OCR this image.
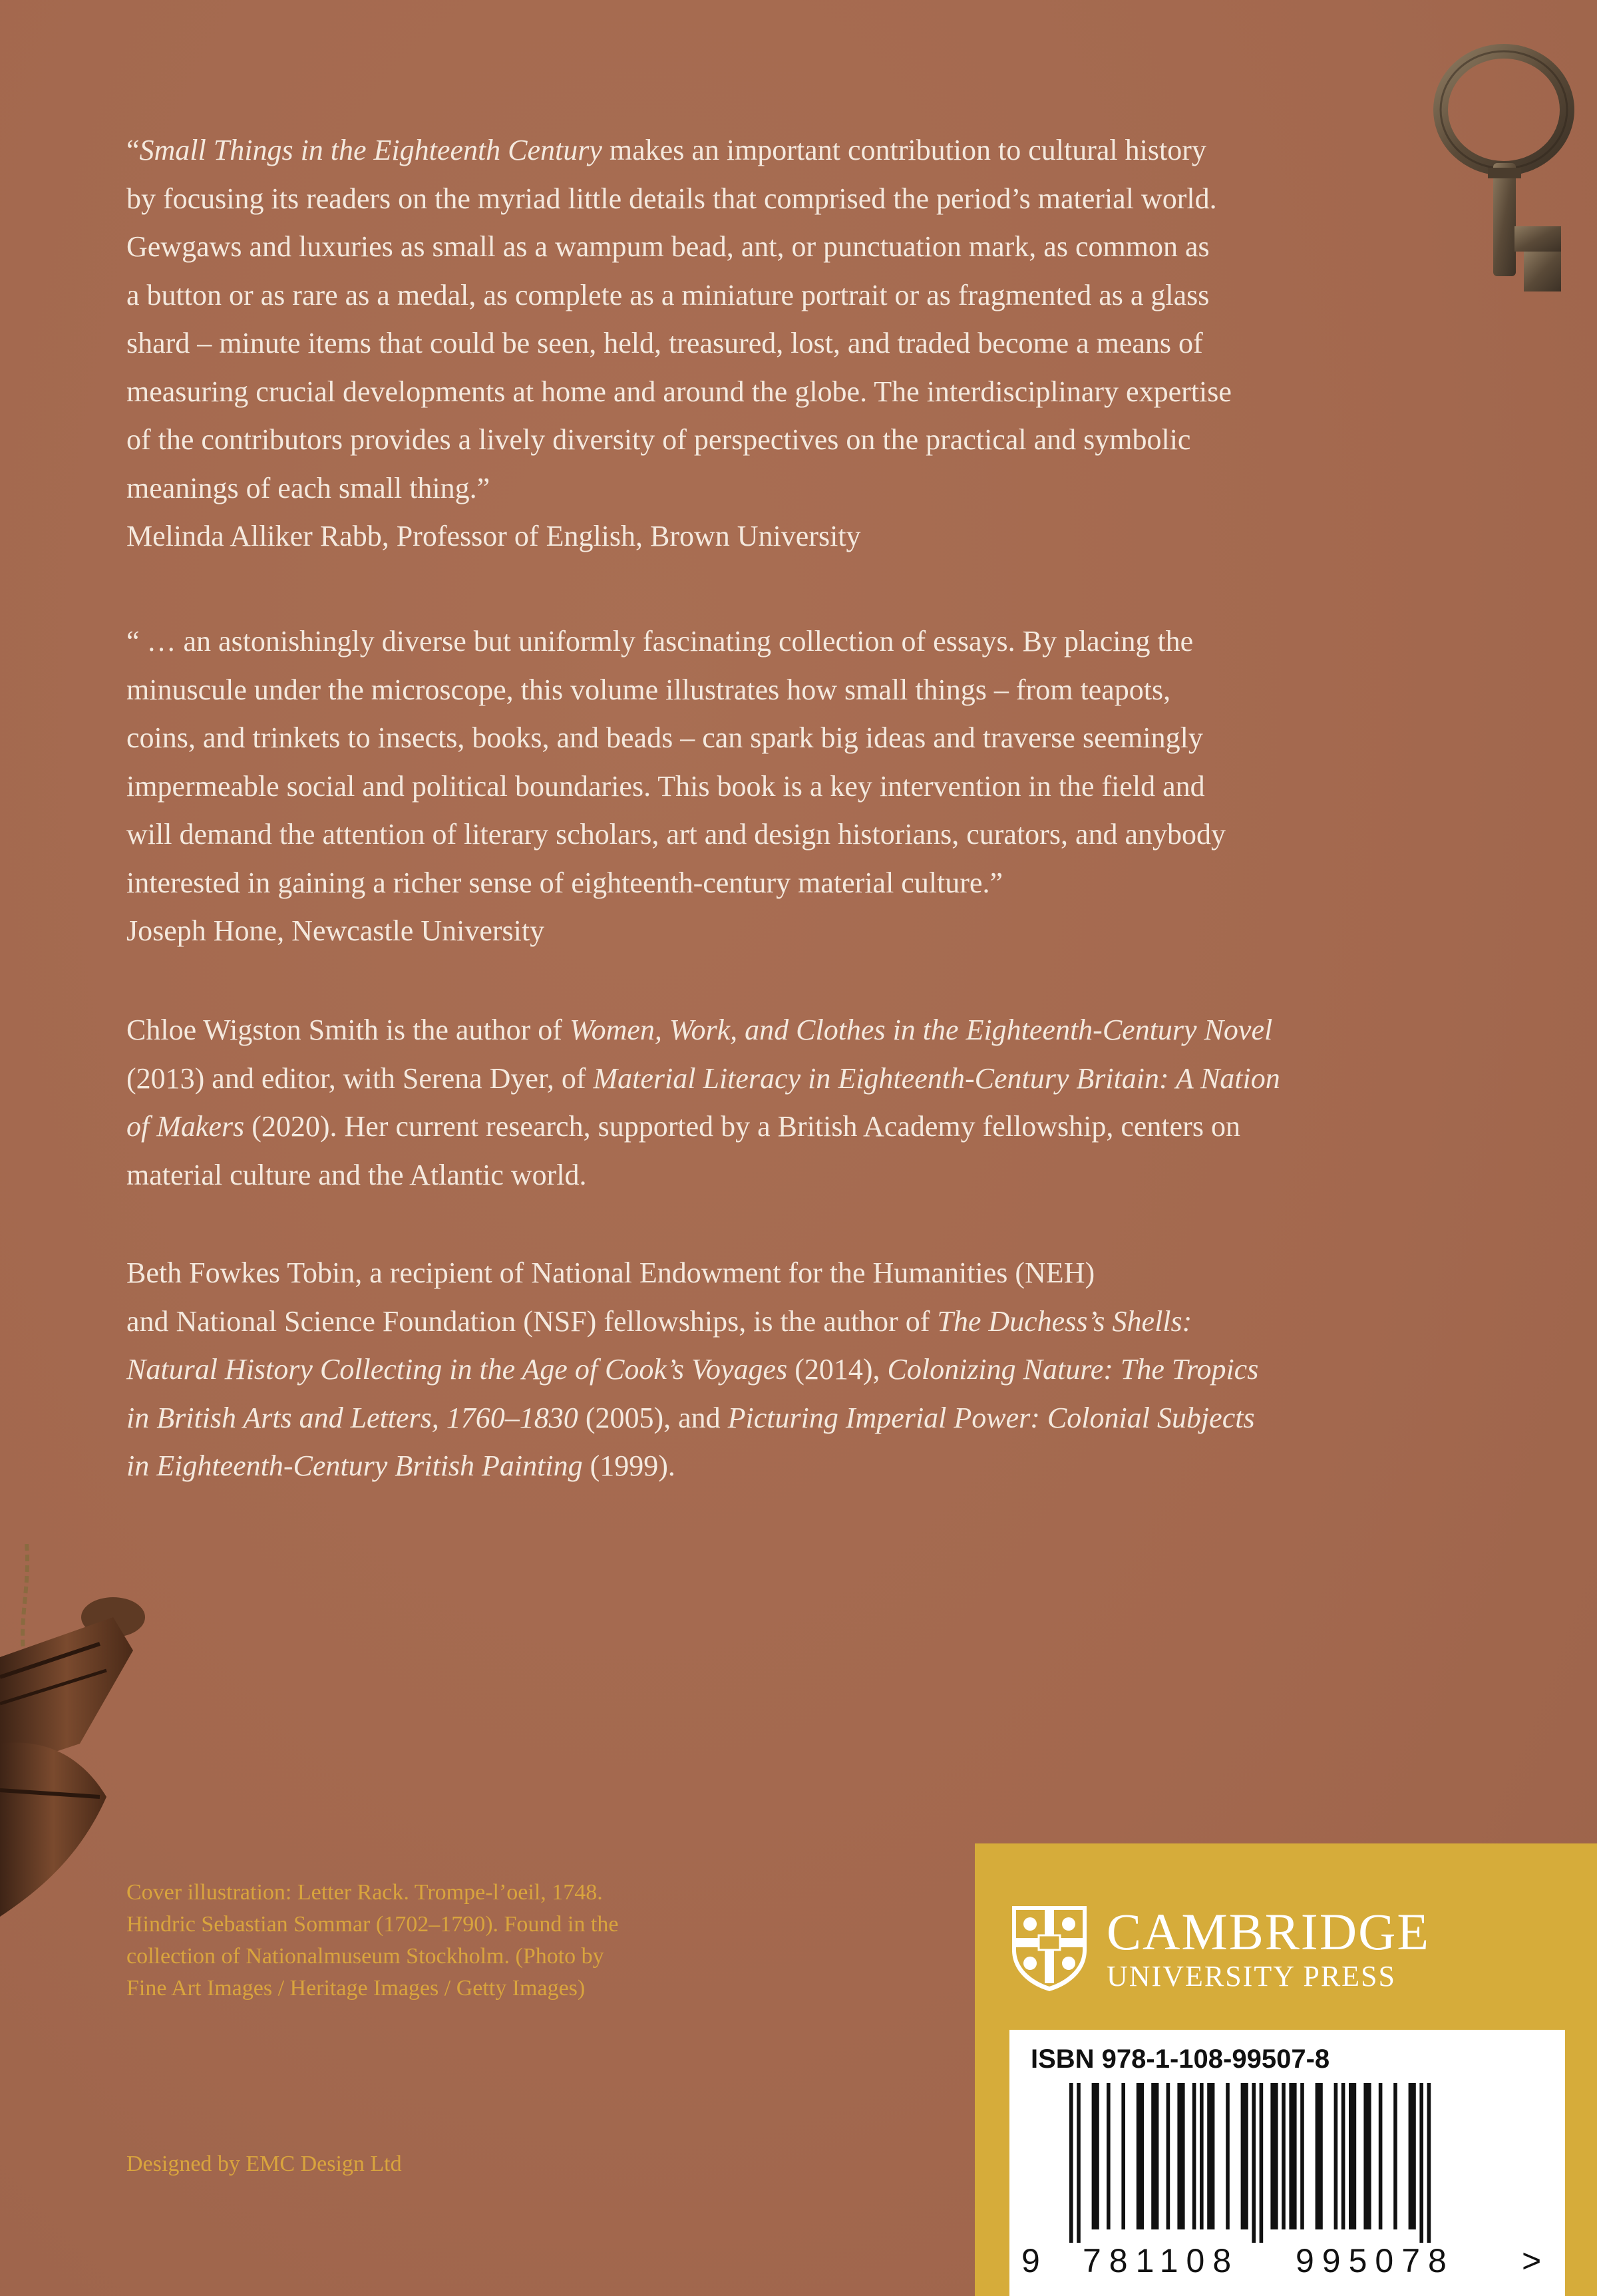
“Small Things in the Eighteenth Century makes an important contribution to cultural history
by focusing its readers on the myriad little details that comprised the period’s material world.
Gewgaws and luxuries as small as a wampum bead, ant, or punctuation mark, as common as
a button or as rare as a medal, as complete as a miniature portrait or as fragmented as a glass
shard – minute items that could be seen, held, treasured, lost, and traded become a means of
measuring crucial developments at home and around the globe. The interdisciplinary expertise
of the contributors provides a lively diversity of perspectives on the practical and symbolic
meanings of each small thing.”
Melinda Alliker Rabb, Professor of English, Brown University
“ … an astonishingly diverse but uniformly fascinating collection of essays. By placing the
minuscule under the microscope, this volume illustrates how small things – from teapots,
coins, and trinkets to insects, books, and beads – can spark big ideas and traverse seemingly
impermeable social and political boundaries. This book is a key intervention in the field and
will demand the attention of literary scholars, art and design historians, curators, and anybody
interested in gaining a richer sense of eighteenth-century material culture.”
Joseph Hone, Newcastle University
Chloe Wigston Smith is the author of Women, Work, and Clothes in the Eighteenth-Century Novel
(2013) and editor, with Serena Dyer, of Material Literacy in Eighteenth-Century Britain: A Nation
of Makers (2020). Her current research, supported by a British Academy fellowship, centers on
material culture and the Atlantic world.
Beth Fowkes Tobin, a recipient of National Endowment for the Humanities (NEH)
and National Science Foundation (NSF) fellowships, is the author of The Duchess’s Shells:
Natural History Collecting in the Age of Cook’s Voyages (2014), Colonizing Nature: The Tropics
in British Arts and Letters, 1760–1830 (2005), and Picturing Imperial Power: Colonial Subjects
in Eighteenth-Century British Painting (1999).
Cover illustration: Letter Rack. Trompe-l’oeil, 1748.
Hindric Sebastian Sommar (1702–1790). Found in the
collection of Nationalmuseum Stockholm. (Photo by
Fine Art Images / Heritage Images / Getty Images)
Designed by EMC Design Ltd
CAMBRIDGE
UNIVERSITY PRESS
ISBN 978-1-108-99507-8
9 781108 995078 >
